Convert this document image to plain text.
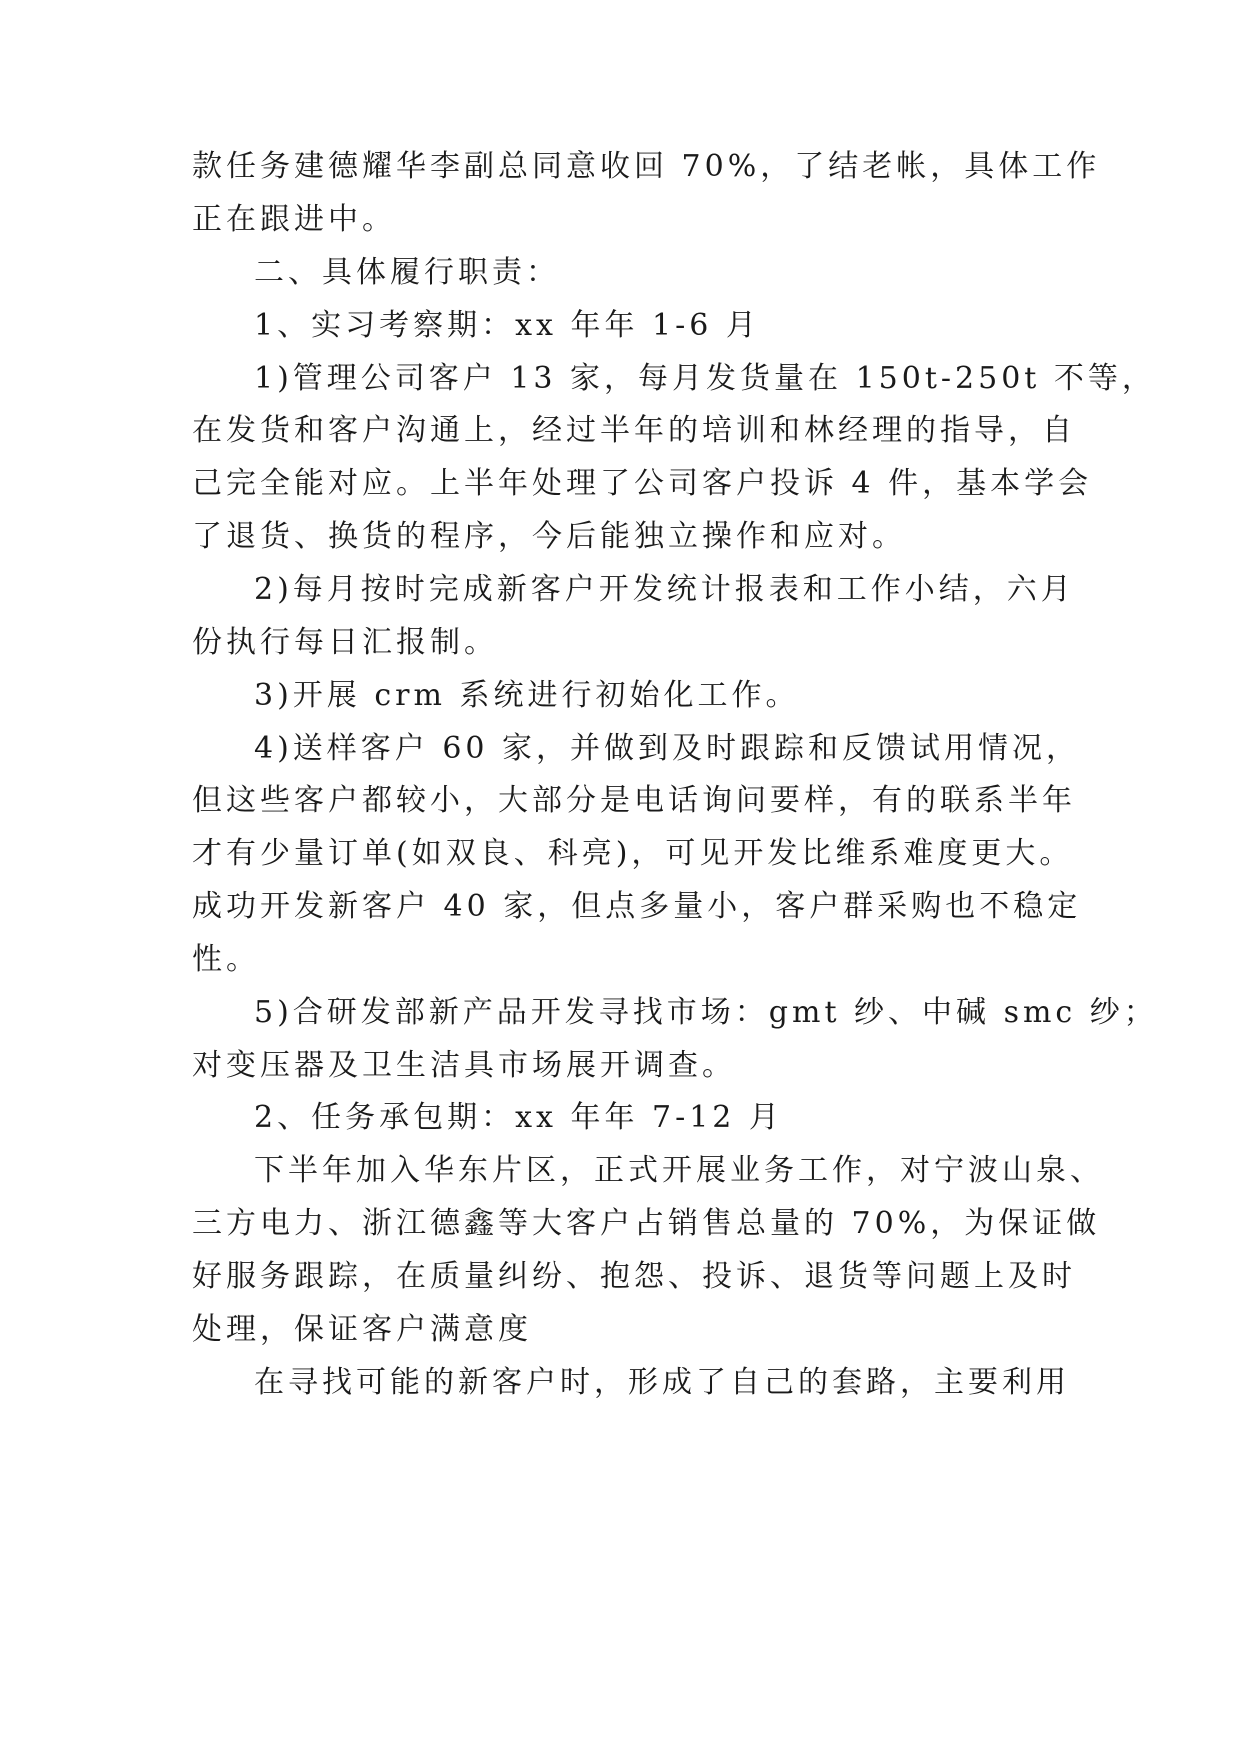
款任务建德耀华李副总同意收回 70%，了结老帐，具体工作
正在跟进中。
二、具体履行职责：
1、实习考察期：xx 年年 1-6 月
1)管理公司客户 13 家，每月发货量在 150t-250t 不等，
在发货和客户沟通上，经过半年的培训和林经理的指导，自
己完全能对应。上半年处理了公司客户投诉 4 件，基本学会
了退货、换货的程序，今后能独立操作和应对。
2)每月按时完成新客户开发统计报表和工作小结，六月
份执行每日汇报制。
3)开展 crm 系统进行初始化工作。
4)送样客户 60 家，并做到及时跟踪和反馈试用情况，
但这些客户都较小，大部分是电话询问要样，有的联系半年
才有少量订单(如双良、科亮)，可见开发比维系难度更大。
成功开发新客户 40 家，但点多量小，客户群采购也不稳定
性。
5)合研发部新产品开发寻找市场：gmt 纱、中碱 smc 纱；
对变压器及卫生洁具市场展开调查。
2、任务承包期：xx 年年 7-12 月
下半年加入华东片区，正式开展业务工作，对宁波山泉、
三方电力、浙江德鑫等大客户占销售总量的 70%，为保证做
好服务跟踪，在质量纠纷、抱怨、投诉、退货等问题上及时
处理，保证客户满意度
在寻找可能的新客户时，形成了自己的套路，主要利用
